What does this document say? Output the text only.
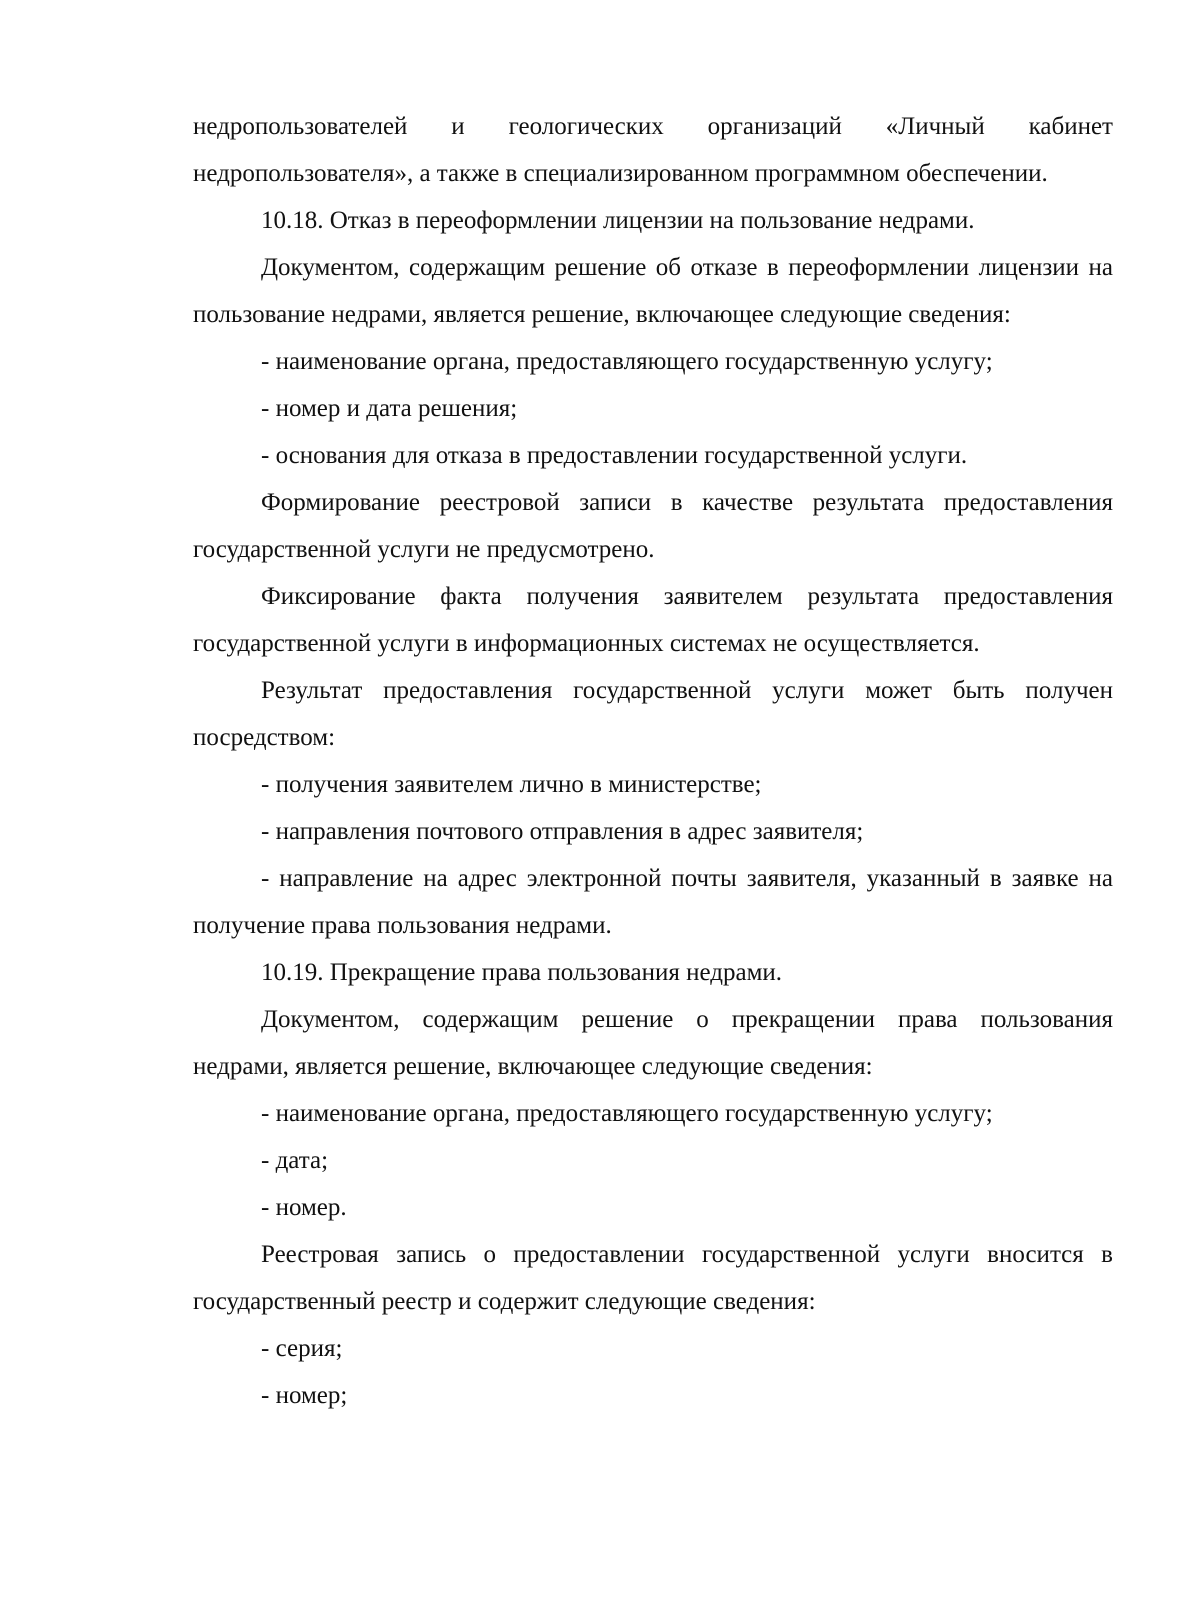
недропользователей и геологических организаций «Личный кабинет недропользователя», а также в специализированном программном обеспечении.

10.18. Отказ в переоформлении лицензии на пользование недрами.

Документом, содержащим решение об отказе в переоформлении лицензии на пользование недрами, является решение, включающее следующие сведения:

- наименование органа, предоставляющего государственную услугу;

- номер и дата решения;

- основания для отказа в предоставлении государственной услуги.

Формирование реестровой записи в качестве результата предоставления государственной услуги не предусмотрено.

Фиксирование факта получения заявителем результата предоставления государственной услуги в информационных системах не осуществляется.

Результат предоставления государственной услуги может быть получен посредством:

- получения заявителем лично в министерстве;

- направления почтового отправления в адрес заявителя;

- направление на адрес электронной почты заявителя, указанный в заявке на получение права пользования недрами.

10.19. Прекращение права пользования недрами.

Документом, содержащим решение о прекращении права пользования недрами, является решение, включающее следующие сведения:

- наименование органа, предоставляющего государственную услугу;

- дата;

- номер.

Реестровая запись о предоставлении государственной услуги вносится в государственный реестр и содержит следующие сведения:

- серия;

- номер;
